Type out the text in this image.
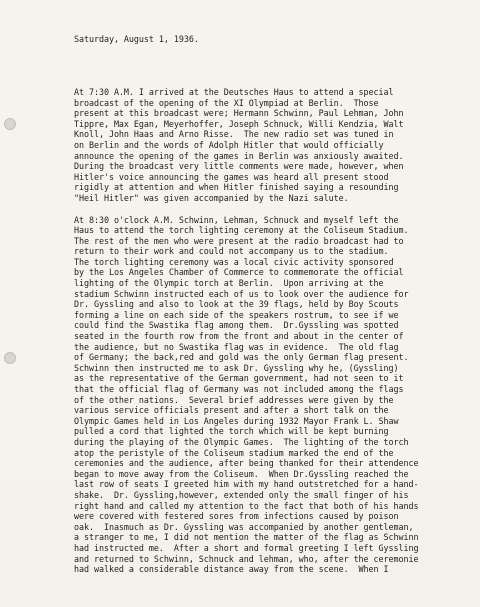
Saturday, August 1, 1936.

At 7:30 A.M. I arrived at the Deutsches Haus to attend a special
broadcast of the opening of the XI Olympiad at Berlin.  Those
present at this broadcast were; Hermann Schwinn, Paul Lehman, John
Tippre, Max Egan, Meyerhoffer, Joseph Schnuck, Willi Kendzia, Walt
Knoll, John Haas and Arno Risse.  The new radio set was tuned in
on Berlin and the words of Adolph Hitler that would officially
announce the opening of the games in Berlin was anxiously awaited.
During the broadcast very little comments were made, however, when
Hitler's voice announcing the games was heard all present stood
rigidly at attention and when Hitler finished saying a resounding
"Heil Hitler" was given accompanied by the Nazi salute.
At 8:30 o'clock A.M. Schwinn, Lehman, Schnuck and myself left the
Haus to attend the torch lighting ceremony at the Coliseum Stadium.
The rest of the men who were present at the radio broadcast had to
return to their work and could not accompany us to the stadium.
The torch lighting ceremony was a local civic activity sponsored
by the Los Angeles Chamber of Commerce to commemorate the official
lighting of the Olympic torch at Berlin.  Upon arriving at the
stadium Schwinn instructed each of us to look over the audience for
Dr. Gyssling and also to look at the 39 flags, held by Boy Scouts
forming a line on each side of the speakers rostrum, to see if we
could find the Swastika flag among them.  Dr.Gyssling was spotted
seated in the fourth row from the front and about in the center of
the audience, but no Swastika flag was in evidence.  The old flag
of Germany; the back,red and gold was the only German flag present.
Schwinn then instructed me to ask Dr. Gyssling why he, (Gyssling)
as the representative of the German government, had not seen to it
that the official flag of Germany was not included among the flags
of the other nations.  Several brief addresses were given by the
various service officials present and after a short talk on the
Olympic Games held in Los Angeles during 1932 Mayor Frank L. Shaw
pulled a cord that lighted the torch which will be kept burning
during the playing of the Olympic Games.  The lighting of the torch
atop the peristyle of the Coliseum stadium marked the end of the
ceremonies and the audience, after being thanked for their attendence
began to move away from the Coliseum.  When Dr.Gyssling reached the
last row of seats I greeted him with my hand outstretched for a hand-
shake.  Dr. Gyssling,however, extended only the small finger of his
right hand and called my attention to the fact that both of his hands
were covered with festered sores from infections caused by poison
oak.  Inasmuch as Dr. Gyssling was accompanied by another gentleman,
a stranger to me, I did not mention the matter of the flag as Schwinn
had instructed me.  After a short and formal greeting I left Gyssling
and returned to Schwinn, Schnuck and lehman, who, after the ceremonie
had walked a considerable distance away from the scene.  When I
